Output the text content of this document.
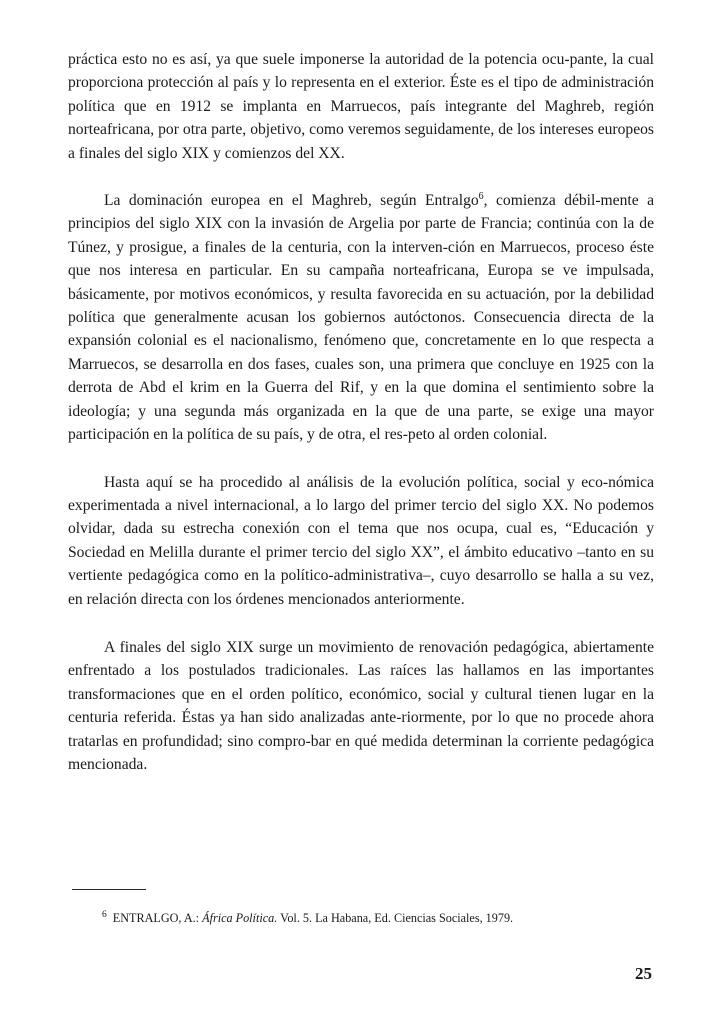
práctica esto no es así, ya que suele imponerse la autoridad de la potencia ocu-pante, la cual proporciona protección al país y lo representa en el exterior. Éste es el tipo de administración política que en 1912 se implanta en Marruecos, país integrante del Maghreb, región norteafricana, por otra parte, objetivo, como veremos seguidamente, de los intereses europeos a finales del siglo XIX y comienzos del XX.

La dominación europea en el Maghreb, según Entralgo$^6$, comienza débil-mente a principios del siglo XIX con la invasión de Argelia por parte de Francia; continúa con la de Túnez, y prosigue, a finales de la centuria, con la interven-ción en Marruecos, proceso éste que nos interesa en particular. En su campaña norteafricana, Europa se ve impulsada, básicamente, por motivos económicos, y resulta favorecida en su actuación, por la debilidad política que generalmente acusan los gobiernos autóctonos. Consecuencia directa de la expansión colonial es el nacionalismo, fenómeno que, concretamente en lo que respecta a Marruecos, se desarrolla en dos fases, cuales son, una primera que concluye en 1925 con la derrota de Abd el krim en la Guerra del Rif, y en la que domina el sentimiento sobre la ideología; y una segunda más organizada en la que de una parte, se exige una mayor participación en la política de su país, y de otra, el res-peto al orden colonial.

Hasta aquí se ha procedido al análisis de la evolución política, social y eco-nómica experimentada a nivel internacional, a lo largo del primer tercio del siglo XX. No podemos olvidar, dada su estrecha conexión con el tema que nos ocupa, cual es, “Educación y Sociedad en Melilla durante el primer tercio del siglo XX”, el ámbito educativo –tanto en su vertiente pedagógica como en la político-administrativa–, cuyo desarrollo se halla a su vez, en relación directa con los órdenes mencionados anteriormente.

A finales del siglo XIX surge un movimiento de renovación pedagógica, abiertamente enfrentado a los postulados tradicionales. Las raíces las hallamos en las importantes transformaciones que en el orden político, económico, social y cultural tienen lugar en la centuria referida. Éstas ya han sido analizadas ante-riormente, por lo que no procede ahora tratarlas en profundidad; sino compro-bar en qué medida determinan la corriente pedagógica mencionada.

$^6$ ENTRALGO, A.: África Política. Vol. 5. La Habana, Ed. Ciencias Sociales, 1979.

25
